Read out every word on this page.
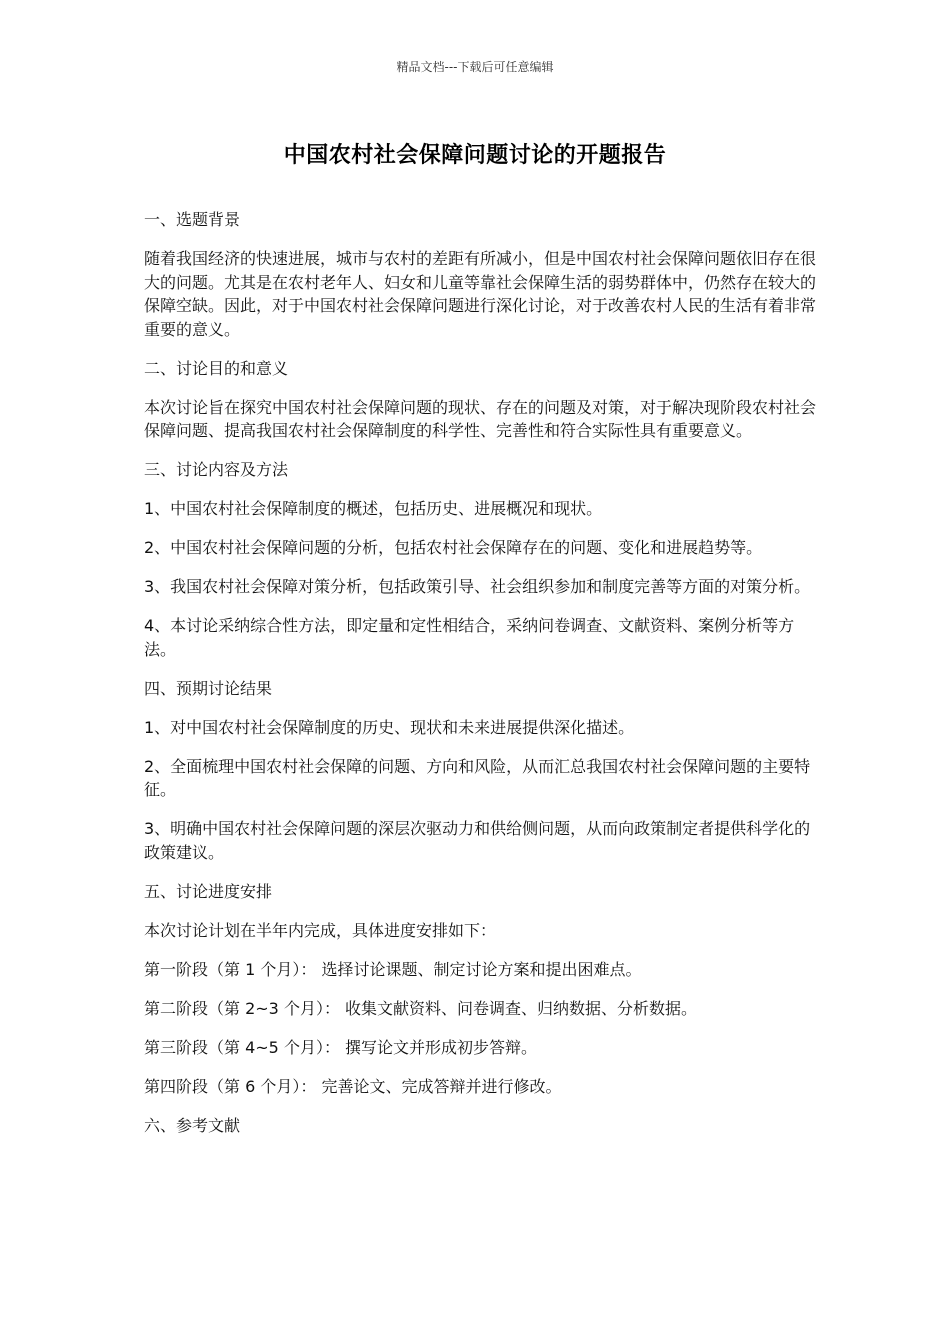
精品文档---下载后可任意编辑
中国农村社会保障问题讨论的开题报告

一、选题背景

随着我国经济的快速进展，城市与农村的差距有所减小，但是中国农村社会保障问题依旧存在很大的问题。尤其是在农村老年人、妇女和儿童等靠社会保障生活的弱势群体中，仍然存在较大的保障空缺。因此，对于中国农村社会保障问题进行深化讨论，对于改善农村人民的生活有着非常重要的意义。

二、讨论目的和意义

本次讨论旨在探究中国农村社会保障问题的现状、存在的问题及对策，对于解决现阶段农村社会保障问题、提高我国农村社会保障制度的科学性、完善性和符合实际性具有重要意义。

三、讨论内容及方法

1、中国农村社会保障制度的概述，包括历史、进展概况和现状。

2、中国农村社会保障问题的分析，包括农村社会保障存在的问题、变化和进展趋势等。

3、我国农村社会保障对策分析，包括政策引导、社会组织参加和制度完善等方面的对策分析。

4、本讨论采纳综合性方法，即定量和定性相结合，采纳问卷调查、文献资料、案例分析等方法。

四、预期讨论结果

1、对中国农村社会保障制度的历史、现状和未来进展提供深化描述。

2、全面梳理中国农村社会保障的问题、方向和风险，从而汇总我国农村社会保障问题的主要特征。

3、明确中国农村社会保障问题的深层次驱动力和供给侧问题，从而向政策制定者提供科学化的政策建议。

五、讨论进度安排

本次讨论计划在半年内完成，具体进度安排如下：

第一阶段（第 1 个月）： 选择讨论课题、制定讨论方案和提出困难点。

第二阶段（第 2~3 个月）： 收集文献资料、问卷调查、归纳数据、分析数据。

第三阶段（第 4~5 个月）： 撰写论文并形成初步答辩。

第四阶段（第 6 个月）： 完善论文、完成答辩并进行修改。

六、参考文献
